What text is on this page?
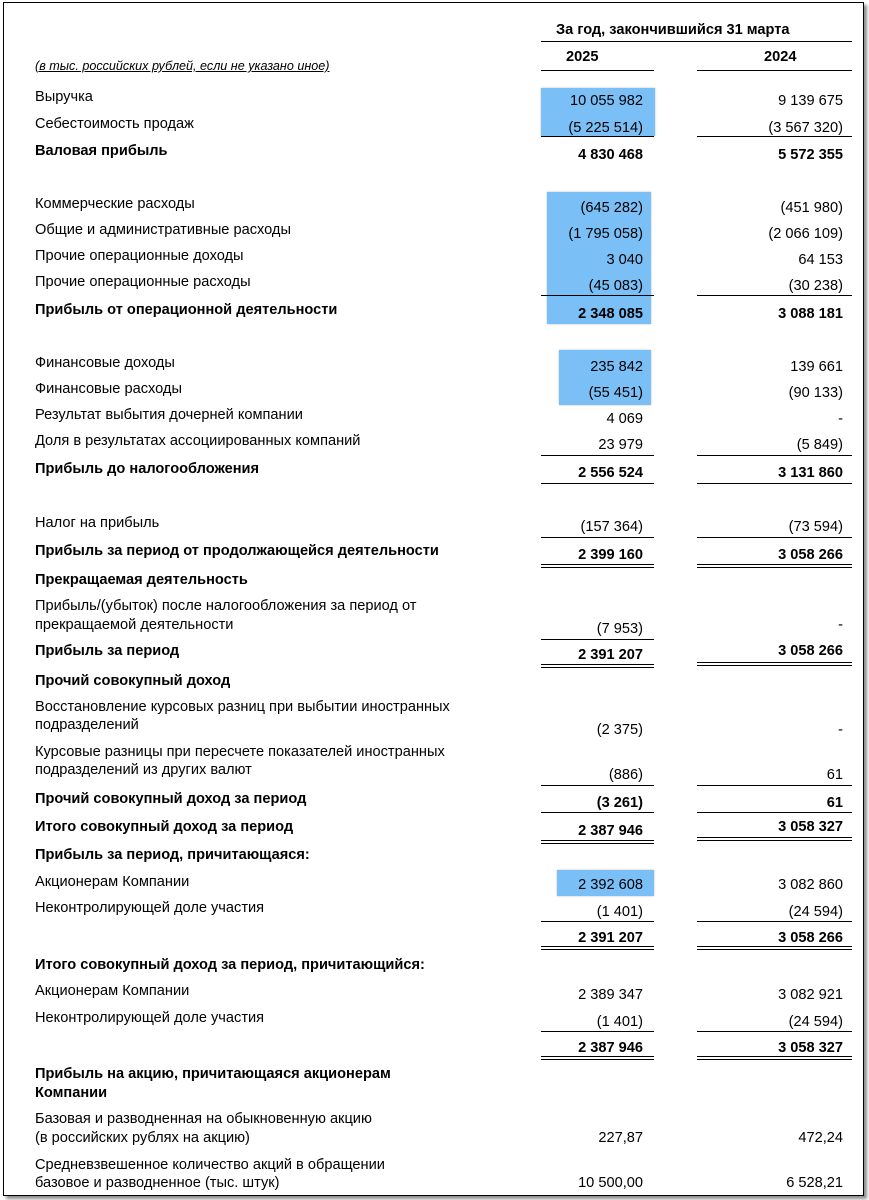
За год, закончившийся 31 марта
(в тыс. российских рублей, если не указано иное)
2025	2024
Выручка	10 055 982	9 139 675
Себестоимость продаж	(5 225 514)	(3 567 320)
Валовая прибыль	4 830 468	5 572 355
Коммерческие расходы	(645 282)	(451 980)
Общие и административные расходы	(1 795 058)	(2 066 109)
Прочие операционные доходы	3 040	64 153
Прочие операционные расходы	(45 083)	(30 238)
Прибыль от операционной деятельности	2 348 085	3 088 181
Финансовые доходы	235 842	139 661
Финансовые расходы	(55 451)	(90 133)
Результат выбытия дочерней компании	4 069	-
Доля в результатах ассоциированных компаний	23 979	(5 849)
Прибыль до налогообложения	2 556 524	3 131 860
Налог на прибыль	(157 364)	(73 594)
Прибыль за период от продолжающейся деятельности	2 399 160	3 058 266
Прекращаемая деятельность
Прибыль/(убыток) после налогообложения за период от
прекращаемой деятельности	(7 953)	-
Прибыль за период	2 391 207	3 058 266
Прочий совокупный доход
Восстановление курсовых разниц при выбытии иностранных
подразделений	(2 375)	-
Курсовые разницы при пересчете показателей иностранных
подразделений из других валют	(886)	61
Прочий совокупный доход за период	(3 261)	61
Итого совокупный доход за период	2 387 946	3 058 327
Прибыль за период, причитающаяся:
Акционерам Компании	2 392 608	3 082 860
Неконтролирующей доле участия	(1 401)	(24 594)
2 391 207	3 058 266
Итого совокупный доход за период, причитающийся:
Акционерам Компании	2 389 347	3 082 921
Неконтролирующей доле участия	(1 401)	(24 594)
2 387 946	3 058 327
Прибыль на акцию, причитающаяся акционерам
Компании
Базовая и разводненная на обыкновенную акцию
(в российских рублях на акцию)	227,87	472,24
Средневзвешенное количество акций в обращении
базовое и разводненное (тыс. штук)	10 500,00	6 528,21
